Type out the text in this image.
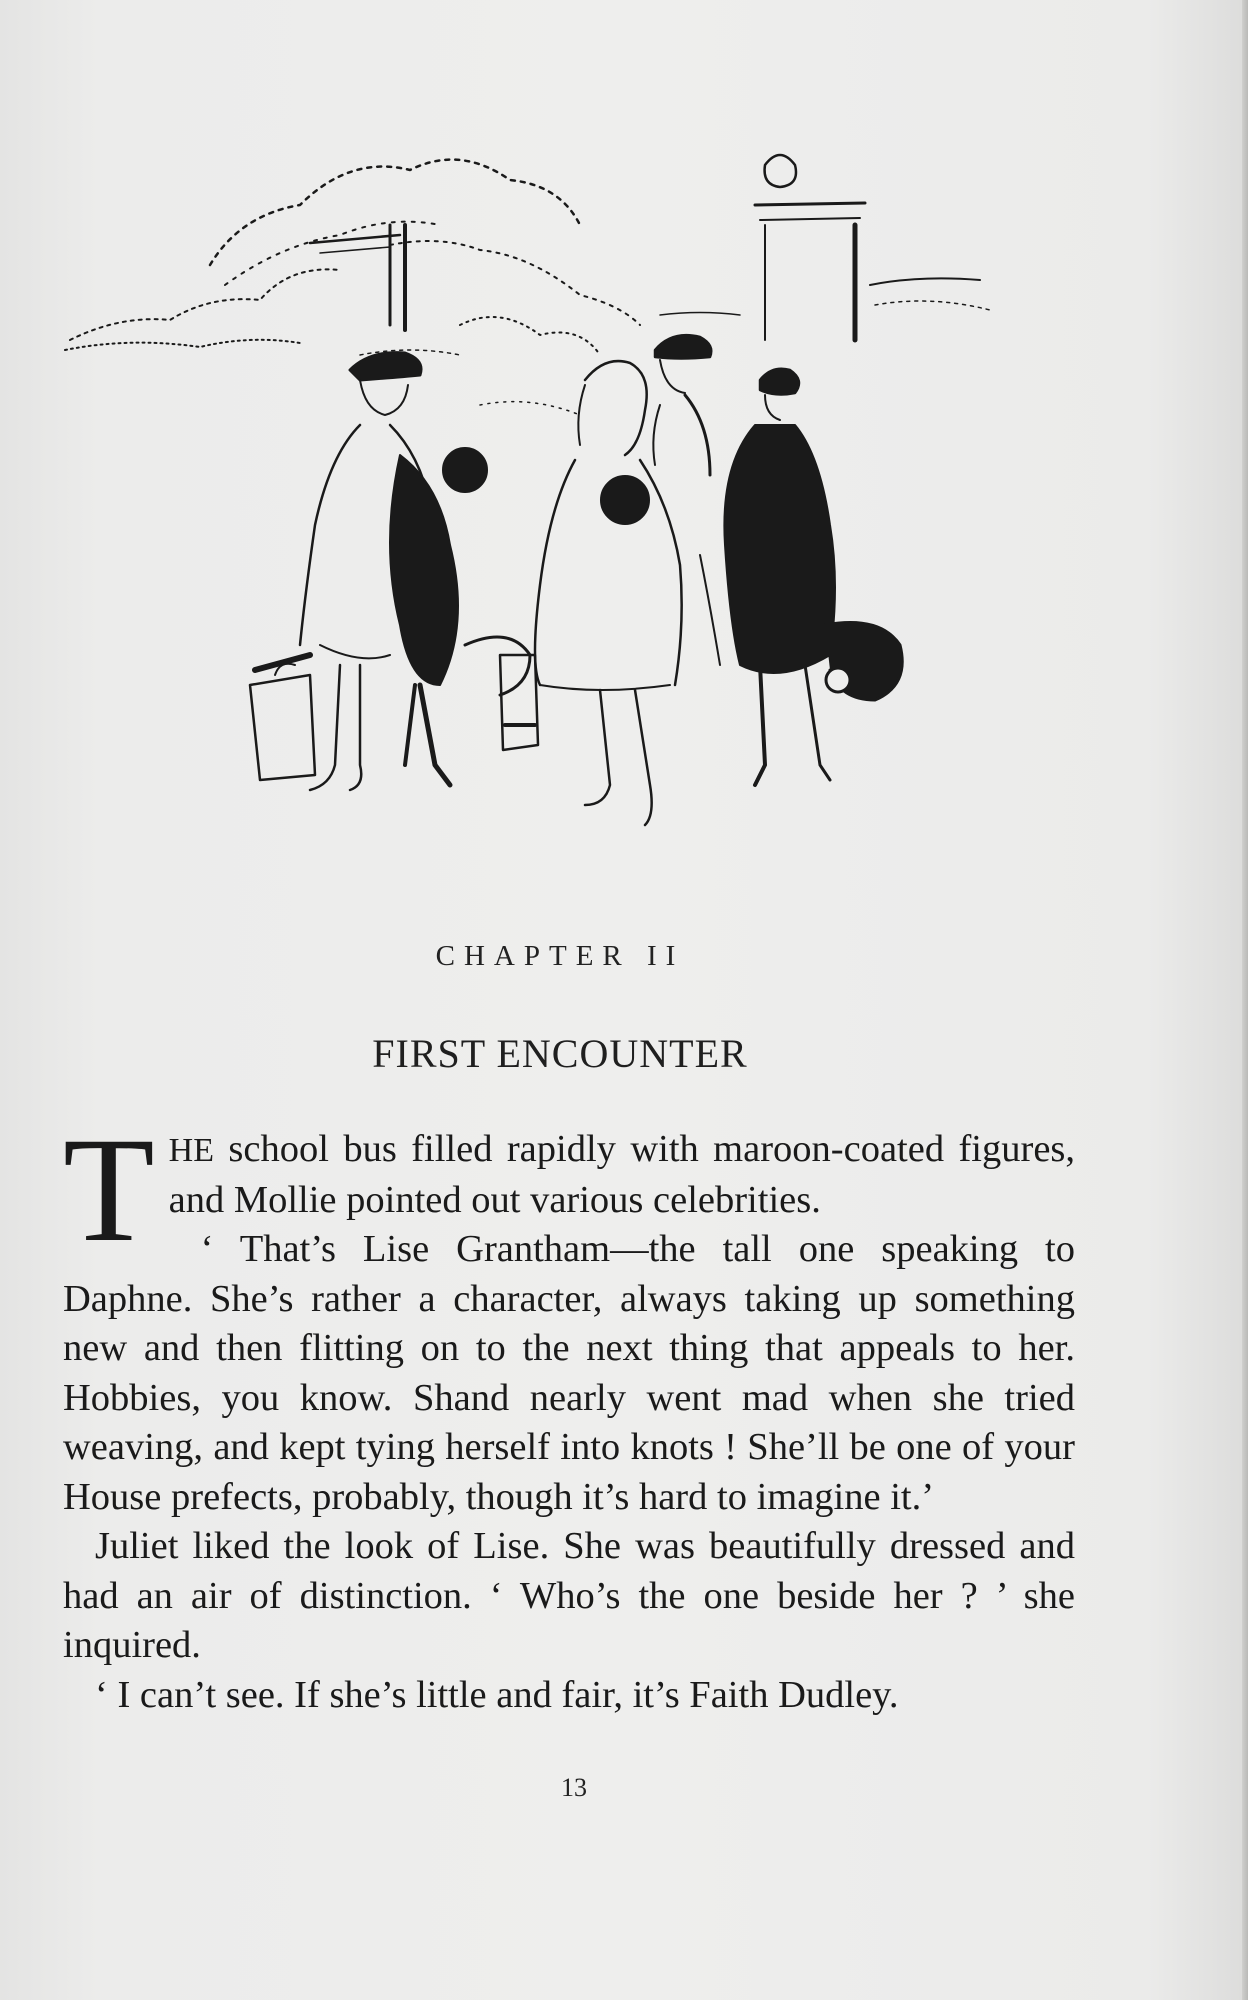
CHAPTER II
FIRST ENCOUNTER

THE school bus filled rapidly with maroon-coated figures, and Mollie pointed out various celebrities.

‘ That’s Lise Grantham—the tall one speaking to Daphne. She’s rather a character, always taking up something new and then flitting on to the next thing that appeals to her. Hobbies, you know. Shand nearly went mad when she tried weaving, and kept tying herself into knots ! She’ll be one of your House prefects, probably, though it’s hard to imagine it.’

Juliet liked the look of Lise. She was beautifully dressed and had an air of distinction. ‘ Who’s the one beside her ? ’ she inquired.

‘ I can’t see. If she’s little and fair, it’s Faith Dudley.

13
